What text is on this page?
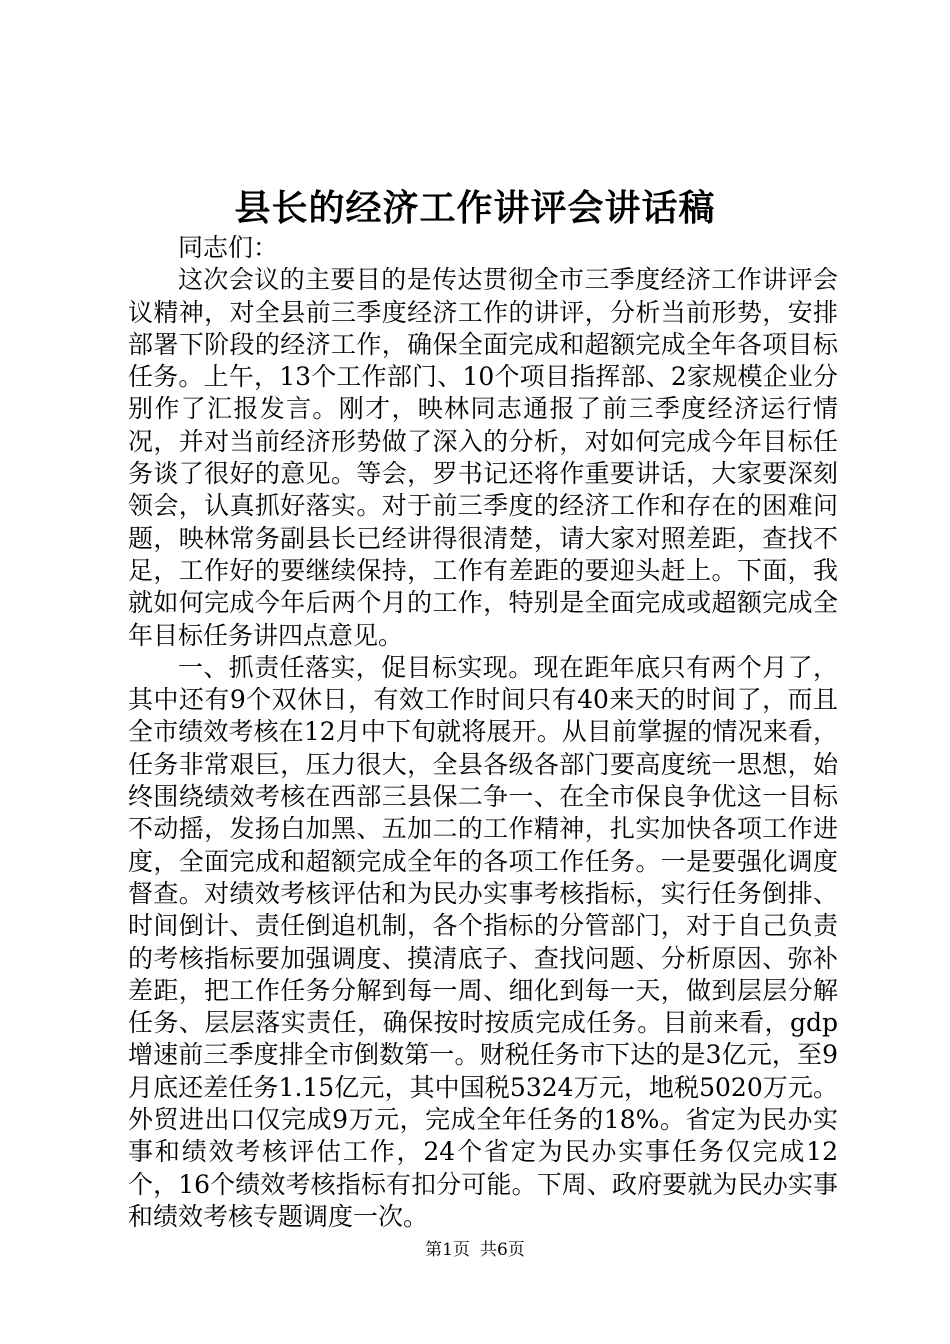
县长的经济工作讲评会讲话稿

同志们：

这次会议的主要目的是传达贯彻全市三季度经济工作讲评会议精神，对全县前三季度经济工作的讲评，分析当前形势，安排部署下阶段的经济工作，确保全面完成和超额完成全年各项目标任务。上午，13个工作部门、10个项目指挥部、2家规模企业分别作了汇报发言。刚才，映林同志通报了前三季度经济运行情况，并对当前经济形势做了深入的分析，对如何完成今年目标任务谈了很好的意见。等会，罗书记还将作重要讲话，大家要深刻领会，认真抓好落实。对于前三季度的经济工作和存在的困难问题，映林常务副县长已经讲得很清楚，请大家对照差距，查找不足，工作好的要继续保持，工作有差距的要迎头赶上。下面，我就如何完成今年后两个月的工作，特别是全面完成或超额完成全年目标任务讲四点意见。

一、抓责任落实，促目标实现。现在距年底只有两个月了，其中还有9个双休日，有效工作时间只有40来天的时间了，而且全市绩效考核在12月中下旬就将展开。从目前掌握的情况来看，任务非常艰巨，压力很大，全县各级各部门要高度统一思想，始终围绕绩效考核在西部三县保二争一、在全市保良争优这一目标不动摇，发扬白加黑、五加二的工作精神，扎实加快各项工作进度，全面完成和超额完成全年的各项工作任务。一是要强化调度督查。对绩效考核评估和为民办实事考核指标，实行任务倒排、时间倒计、责任倒追机制，各个指标的分管部门，对于自己负责的考核指标要加强调度、摸清底子、查找问题、分析原因、弥补差距，把工作任务分解到每一周、细化到每一天，做到层层分解任务、层层落实责任，确保按时按质完成任务。目前来看，gdp增速前三季度排全市倒数第一。财税任务市下达的是3亿元，至9月底还差任务1.15亿元，其中国税5324万元，地税5020万元。外贸进出口仅完成9万元，完成全年任务的18%。省定为民办实事和绩效考核评估工作，24个省定为民办实事任务仅完成12个，16个绩效考核指标有扣分可能。下周、政府要就为民办实事和绩效考核专题调度一次。

第1页 共6页
